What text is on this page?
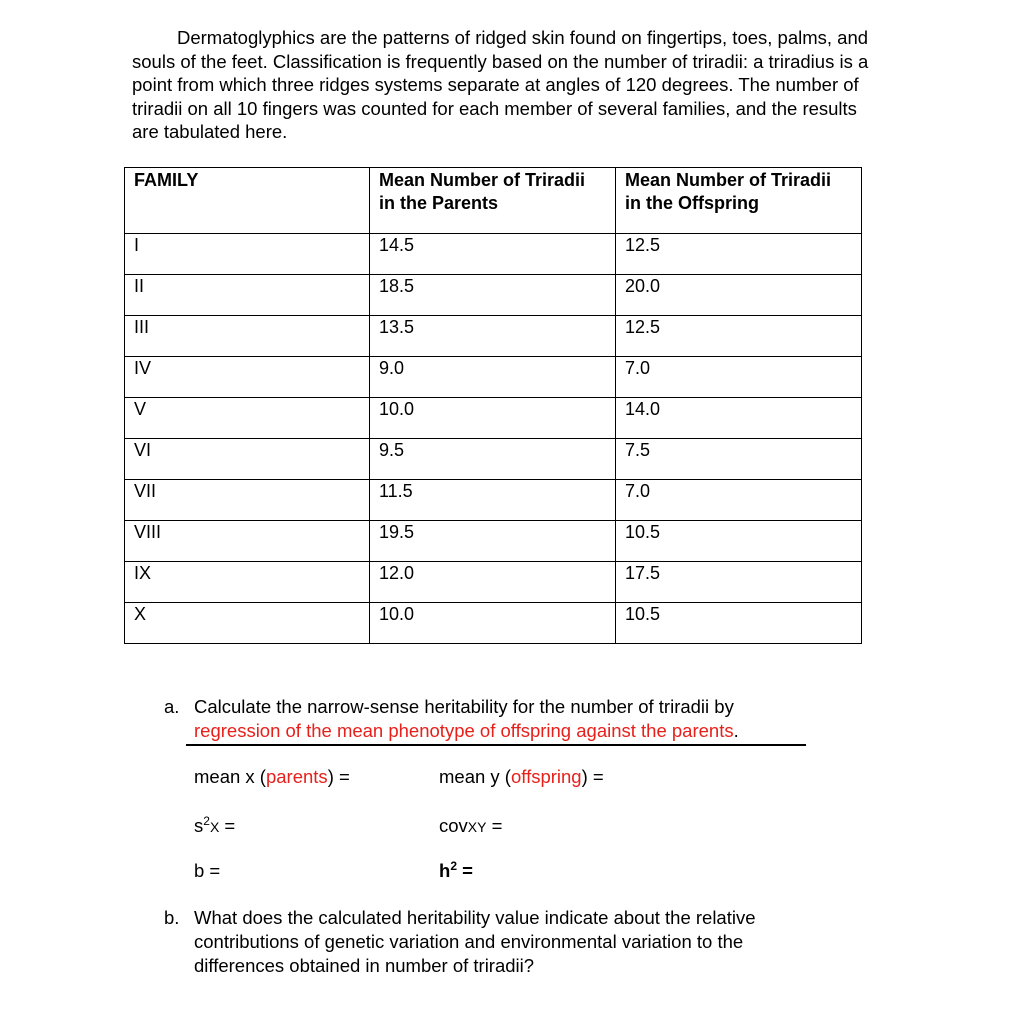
Dermatoglyphics are the patterns of ridged skin found on fingertips, toes, palms, and souls of the feet. Classification is frequently based on the number of triradii: a triradius is a point from which three ridges systems separate at angles of 120 degrees. The number of triradii on all 10 fingers was counted for each member of several families, and the results are tabulated here.

FAMILY	Mean Number of Triradii in the Parents	Mean Number of Triradii in the Offspring
I	14.5	12.5
II	18.5	20.0
III	13.5	12.5
IV	9.0	7.0
V	10.0	14.0
VI	9.5	7.5
VII	11.5	7.0
VIII	19.5	10.5
IX	12.0	17.5
X	10.0	10.5
a. Calculate the narrow-sense heritability for the number of triradii by
regression of the mean phenotype of offspring against the parents.
mean x (parents) =	mean y (offspring) =
$s^2X$ =	covXY =
b =	$h^2$ =
b. What does the calculated heritability value indicate about the relative contributions of genetic variation and environmental variation to the differences obtained in number of triradii?
